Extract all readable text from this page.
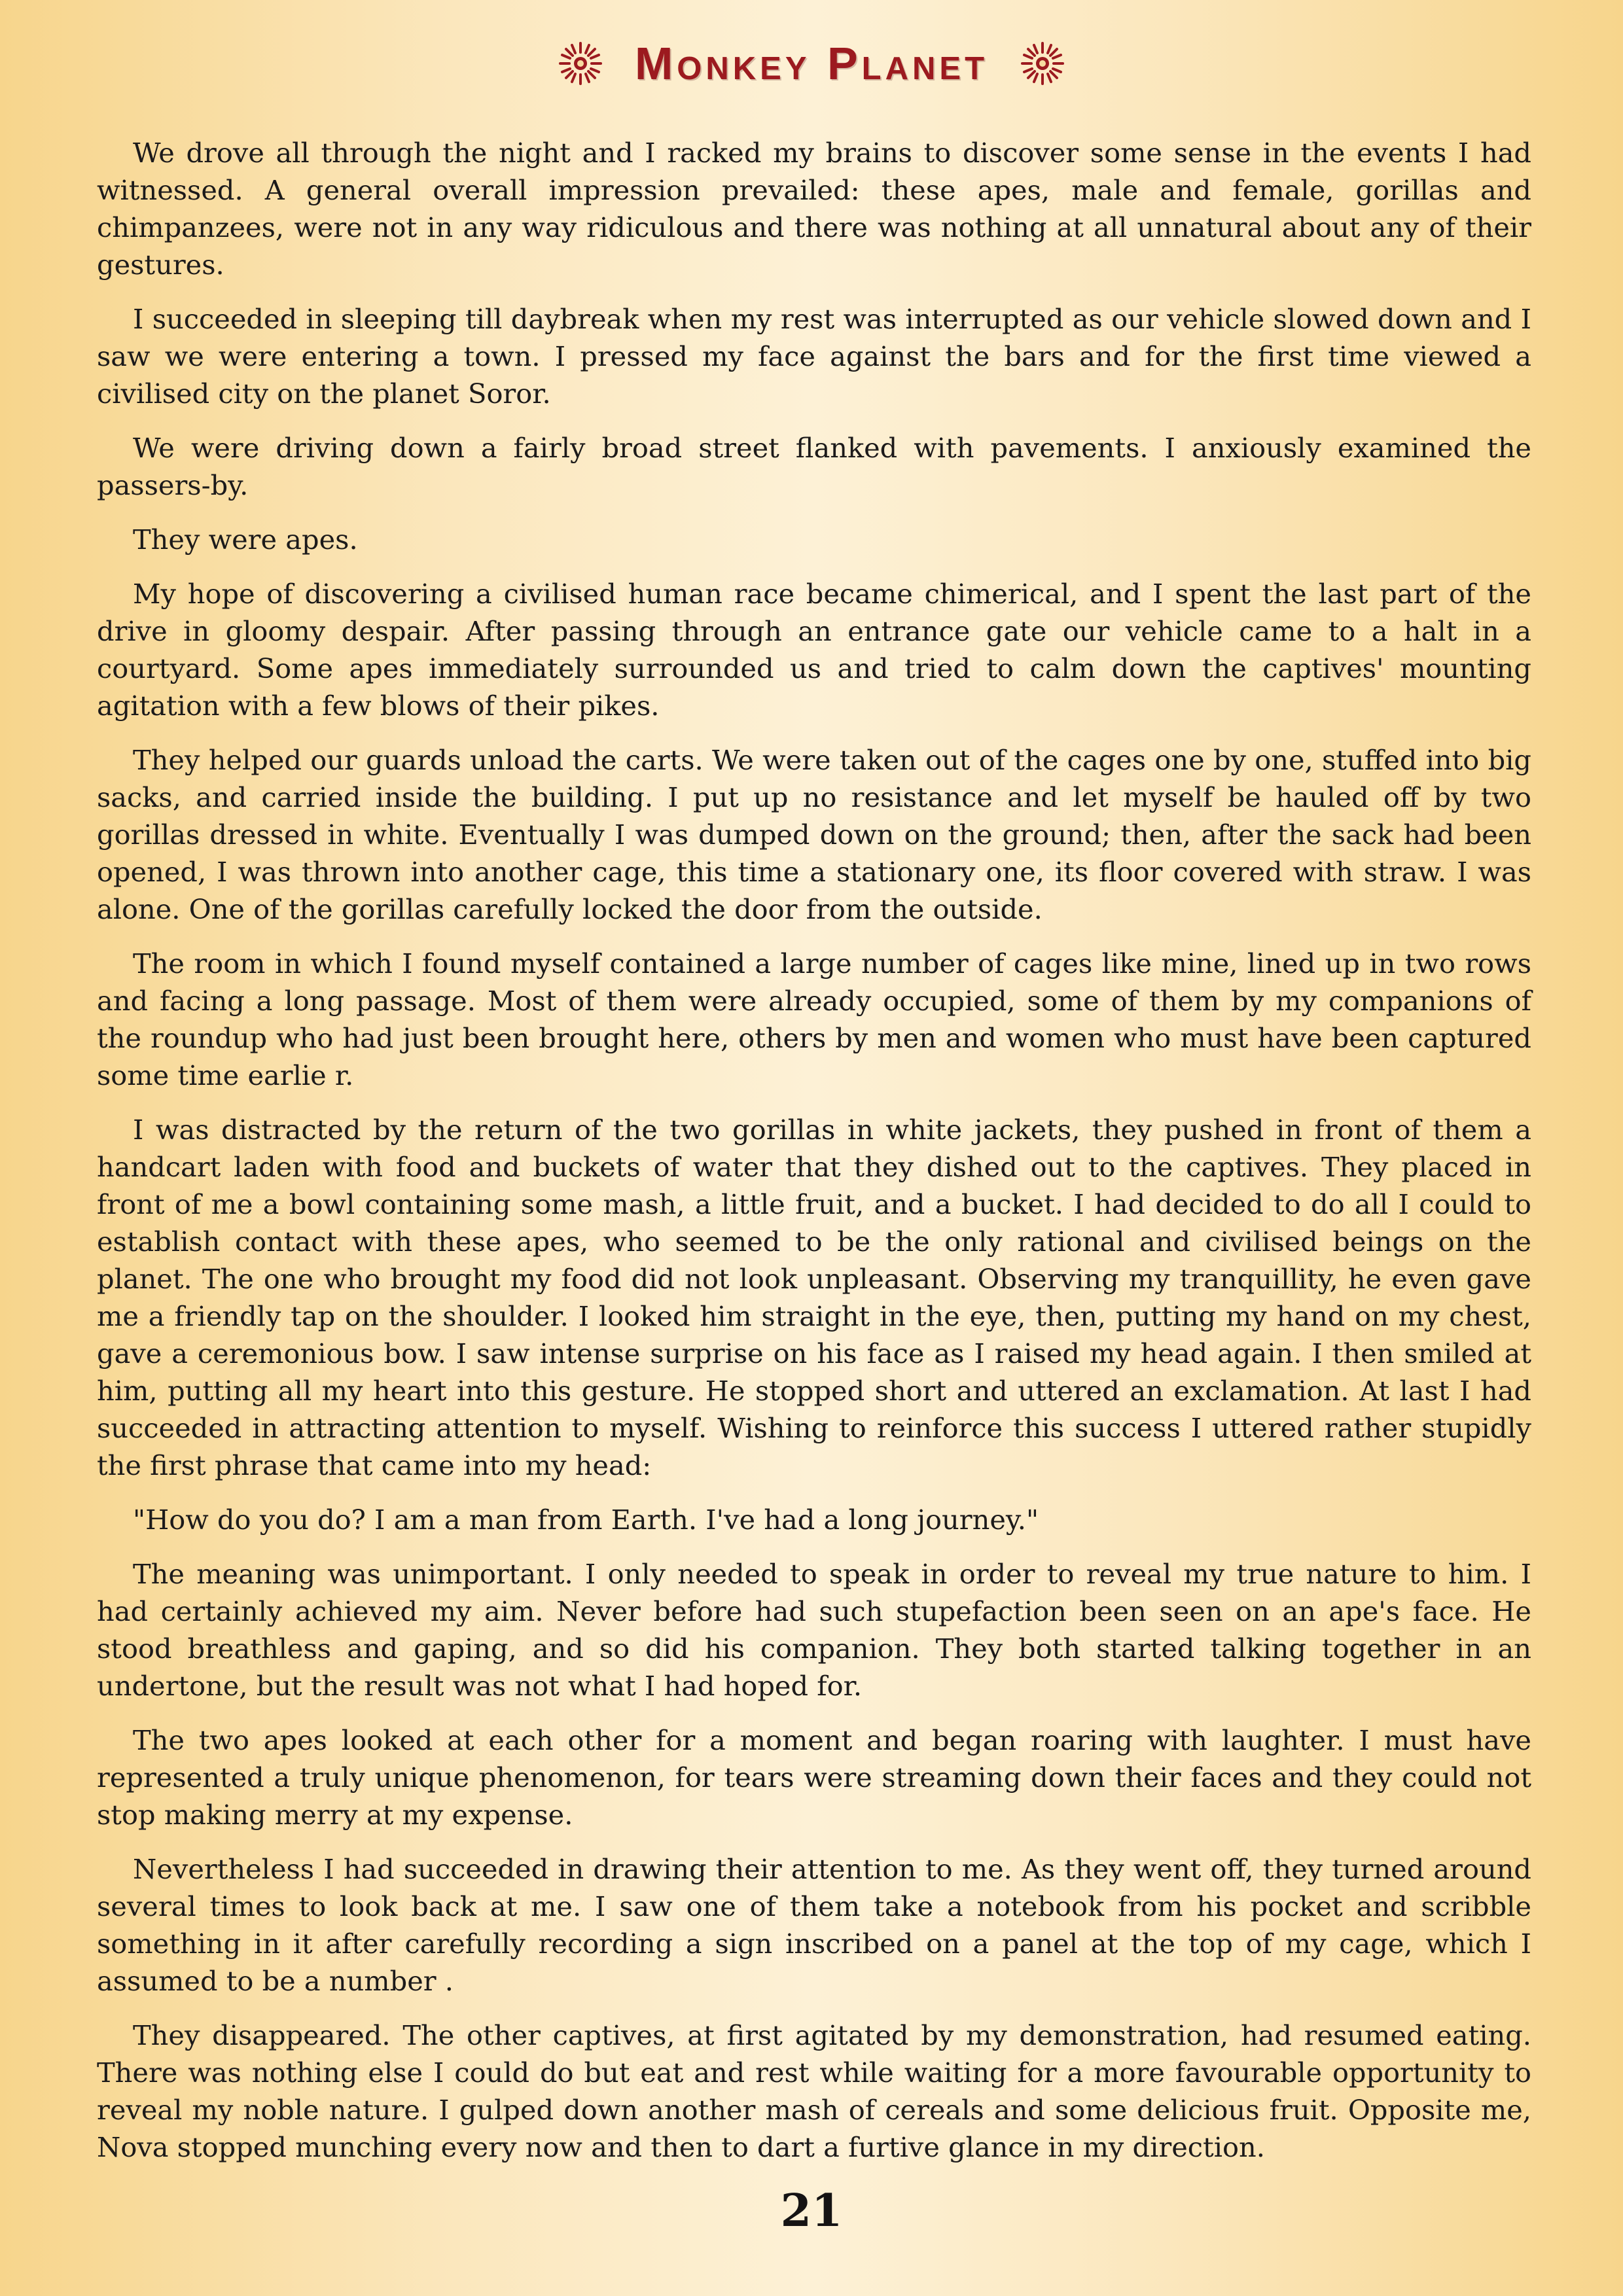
Monkey Planet

We drove all through the night and I racked my brains to discover some sense in the events I had witnessed. A general overall impression prevailed: these apes, male and female, gorillas and chimpanzees, were not in any way ridiculous and there was nothing at all unnatural about any of their gestures.

I succeeded in sleeping till daybreak when my rest was interrupted as our vehicle slowed down and I saw we were entering a town. I pressed my face against the bars and for the first time viewed a civilised city on the planet Soror.

We were driving down a fairly broad street flanked with pavements. I anxiously examined the passers-by.

They were apes.

My hope of discovering a civilised human race became chimerical, and I spent the last part of the drive in gloomy despair. After passing through an entrance gate our vehicle came to a halt in a courtyard. Some apes immediately surrounded us and tried to calm down the captives' mounting agitation with a few blows of their pikes.

They helped our guards unload the carts. We were taken out of the cages one by one, stuffed into big sacks, and carried inside the building. I put up no resistance and let myself be hauled off by two gorillas dressed in white. Eventually I was dumped down on the ground; then, after the sack had been opened, I was thrown into another cage, this time a stationary one, its floor covered with straw. I was alone. One of the gorillas carefully locked the door from the outside.

The room in which I found myself contained a large number of cages like mine, lined up in two rows and facing a long passage. Most of them were already occupied, some of them by my companions of the roundup who had just been brought here, others by men and women who must have been captured some time earlie r.

I was distracted by the return of the two gorillas in white jackets, they pushed in front of them a handcart laden with food and buckets of water that they dished out to the captives. They placed in front of me a bowl containing some mash, a little fruit, and a bucket. I had decided to do all I could to establish contact with these apes, who seemed to be the only rational and civilised beings on the planet. The one who brought my food did not look unpleasant. Observing my tranquillity, he even gave me a friendly tap on the shoulder. I looked him straight in the eye, then, putting my hand on my chest, gave a ceremonious bow. I saw intense surprise on his face as I raised my head again. I then smiled at him, putting all my heart into this gesture. He stopped short and uttered an exclamation. At last I had succeeded in attracting attention to myself. Wishing to reinforce this success I uttered rather stupidly the first phrase that came into my head:

"How do you do? I am a man from Earth. I've had a long journey."

The meaning was unimportant. I only needed to speak in order to reveal my true nature to him. I had certainly achieved my aim. Never before had such stupefaction been seen on an ape's face. He stood breathless and gaping, and so did his companion. They both started talking together in an undertone, but the result was not what I had hoped for.

The two apes looked at each other for a moment and began roaring with laughter. I must have represented a truly unique phenomenon, for tears were streaming down their faces and they could not stop making merry at my expense.

Nevertheless I had succeeded in drawing their attention to me. As they went off, they turned around several times to look back at me. I saw one of them take a notebook from his pocket and scribble something in it after carefully recording a sign inscribed on a panel at the top of my cage, which I assumed to be a number .

They disappeared. The other captives, at first agitated by my demonstration, had resumed eating. There was nothing else I could do but eat and rest while waiting for a more favourable opportunity to reveal my noble nature. I gulped down another mash of cereals and some delicious fruit. Opposite me, Nova stopped munching every now and then to dart a furtive glance in my direction.

21
